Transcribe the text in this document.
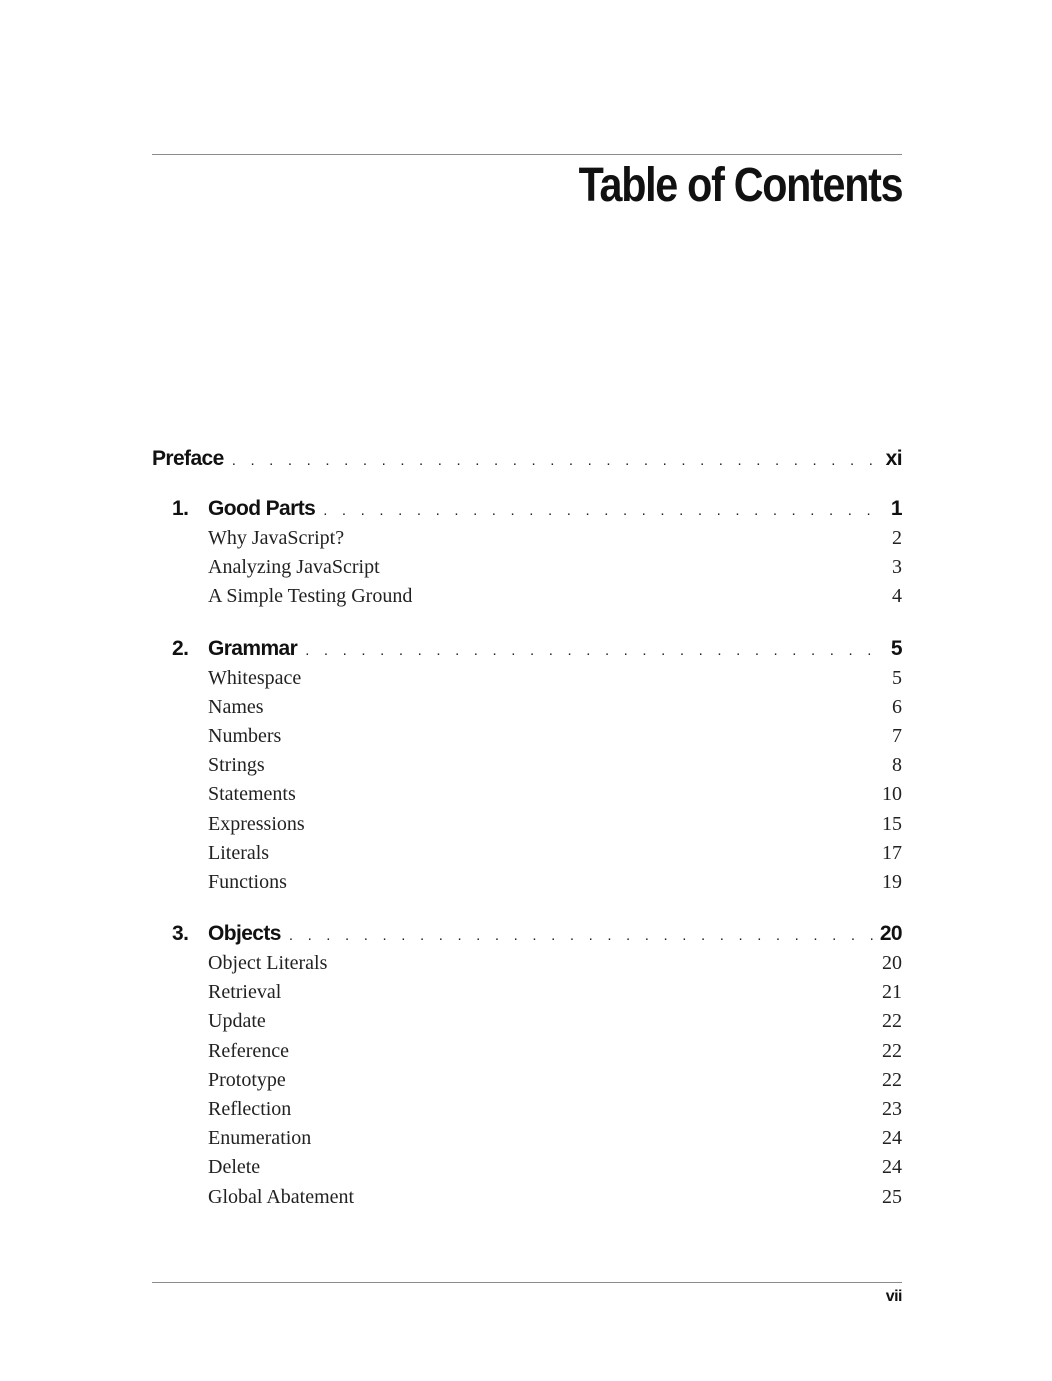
Table of Contents
Preface . . .	xi
1. Good Parts . . .	1
Why JavaScript?	2
Analyzing JavaScript	3
A Simple Testing Ground	4
2. Grammar . . .	5
Whitespace	5
Names	6
Numbers	7
Strings	8
Statements	10
Expressions	15
Literals	17
Functions	19
3. Objects . . .	20
Object Literals	20
Retrieval	21
Update	22
Reference	22
Prototype	22
Reflection	23
Enumeration	24
Delete	24
Global Abatement	25
vii
